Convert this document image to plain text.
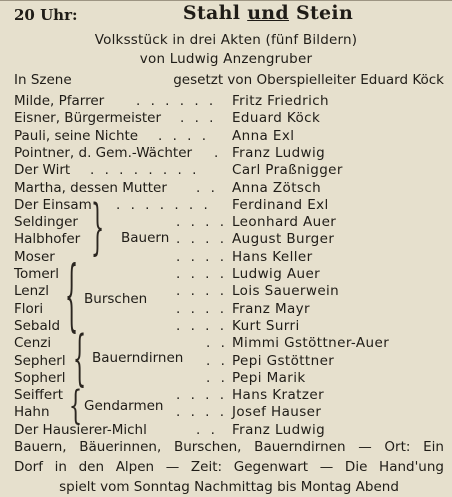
20 Uhr:	Stahl und Stein
Volksstück in drei Akten (fünf Bildern)
von Ludwig Anzengruber
In Szene	gesetzt von Oberspielleiter Eduard Köck
Milde, Pfarrer . . . . . . Fritz Friedrich
Eisner, Bürgermeister . . . Eduard Köck
Pauli, seine Nichte . . . . Anna Exl
Pointner, d. Gem.-Wächter . Franz Ludwig
Der Wirt . . . . . . . . Carl Praßnigger
Martha, dessen Mutter . . Anna Zötsch
Der Einsam . . . . . . . Ferdinand Exl
Seldinger	. . . . Leonhard Auer
Halbhofer	. . . . August Burger
Moser	. . . . Hans Keller
Tomerl	. . . . Ludwig Auer
Lenzl	. . . . Lois Sauerwein
Flori	. . . . Franz Mayr
Sebald	. . . . Kurt Surri
Cenzi	. . Mimmi Gstöttner-Auer
Sepherl	. . Pepi Gstöttner
Sopherl	. . Pepi Marik
Seiffert	. . . . Hans Kratzer
Hahn	. . . . Josef Hauser
Der Hausierer-Michl	. . Franz Ludwig
} Bauern
{ Burschen
{ Bauerndirnen
{ Gendarmen
Bauern, Bäuerinnen, Burschen, Bauerndirnen — Ort: Ein
Dorf in den Alpen — Zeit: Gegenwart — Die Hand'ung
spielt vom Sonntag Nachmittag bis Montag Abend
